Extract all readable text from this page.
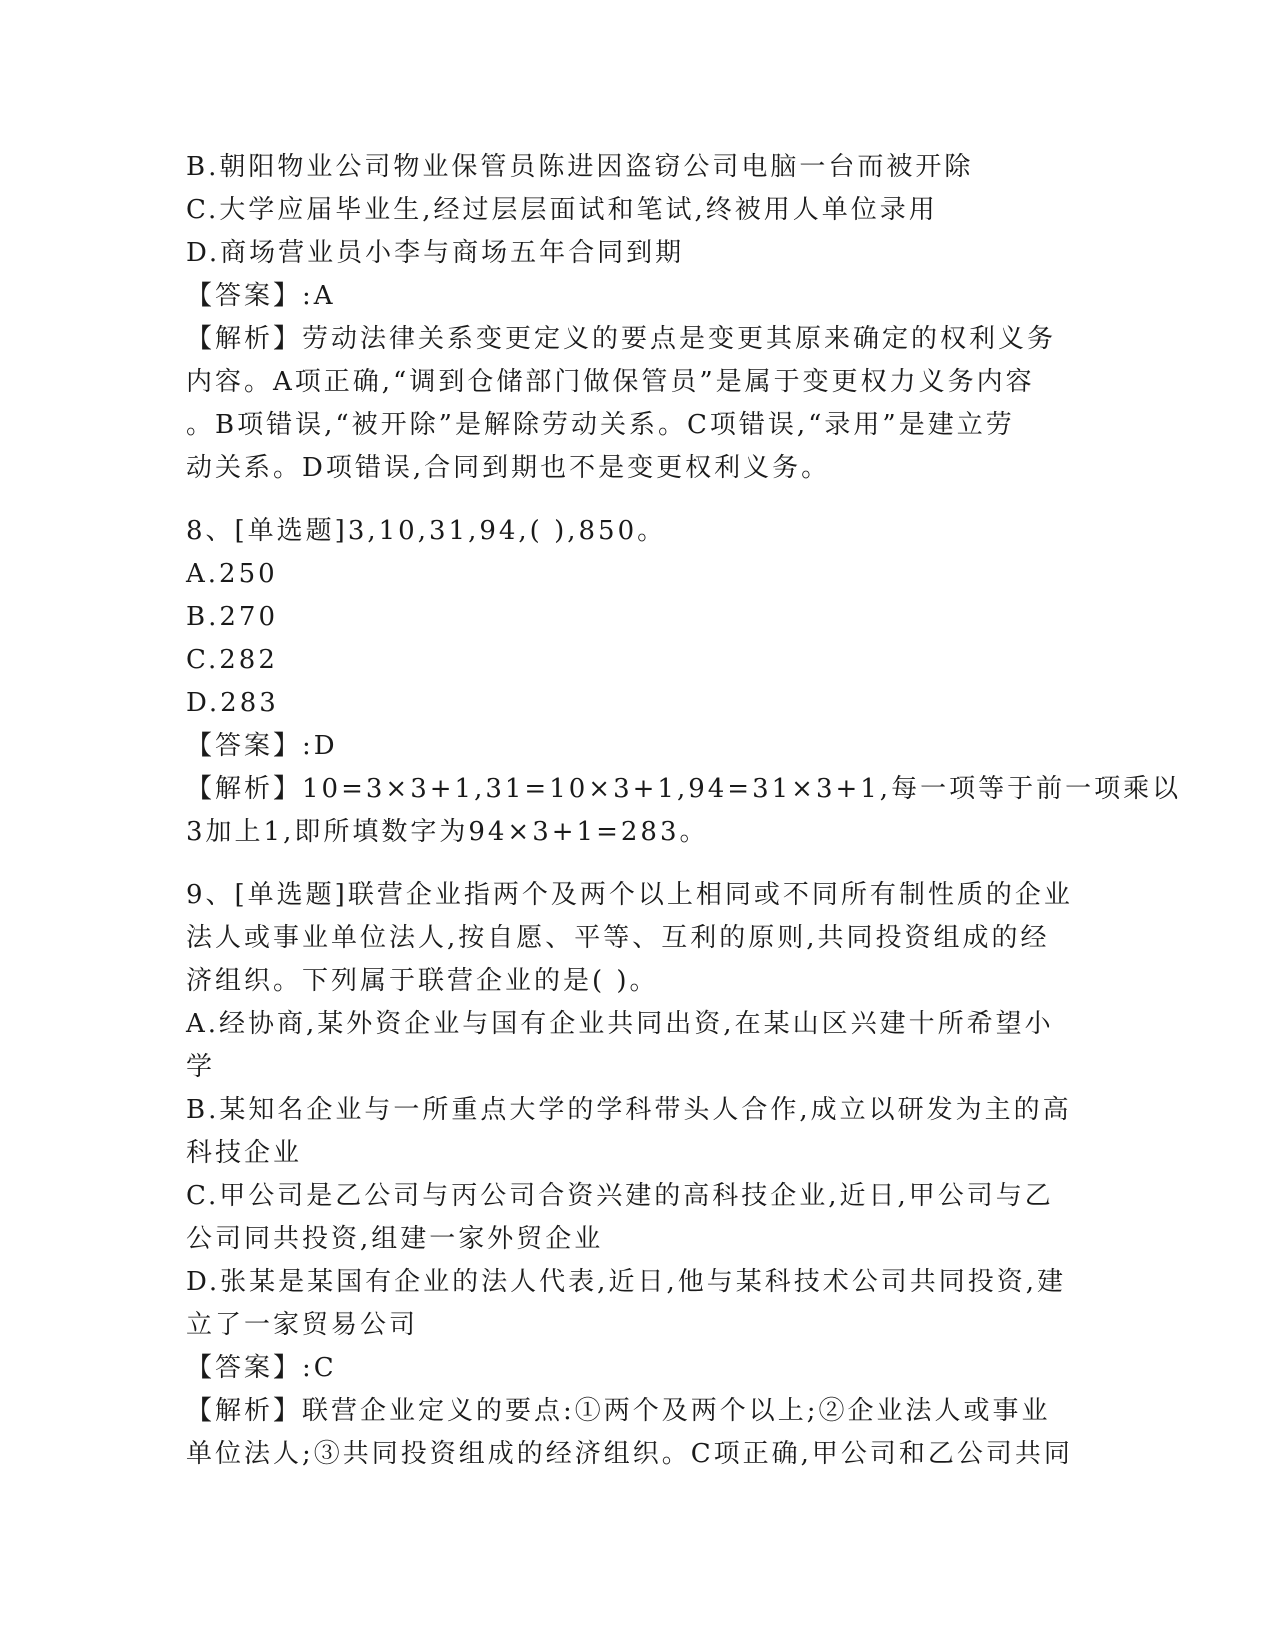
B.朝阳物业公司物业保管员陈进因盗窃公司电脑一台而被开除
C.大学应届毕业生,经过层层面试和笔试,终被用人单位录用
D.商场营业员小李与商场五年合同到期
【答案】:A
【解析】劳动法律关系变更定义的要点是变更其原来确定的权利义务
内容。A项正确,“调到仓储部门做保管员”是属于变更权力义务内容
。B项错误,“被开除”是解除劳动关系。C项错误,“录用”是建立劳
动关系。D项错误,合同到期也不是变更权利义务。
8、[单选题]3,10,31,94,( ),850。
A.250
B.270
C.282
D.283
【答案】:D
【解析】10=3×3+1,31=10×3+1,94=31×3+1,每一项等于前一项乘以
3加上1,即所填数字为94×3+1=283。
9、[单选题]联营企业指两个及两个以上相同或不同所有制性质的企业
法人或事业单位法人,按自愿、平等、互利的原则,共同投资组成的经
济组织。下列属于联营企业的是( )。
A.经协商,某外资企业与国有企业共同出资,在某山区兴建十所希望小
学
B.某知名企业与一所重点大学的学科带头人合作,成立以研发为主的高
科技企业
C.甲公司是乙公司与丙公司合资兴建的高科技企业,近日,甲公司与乙
公司同共投资,组建一家外贸企业
D.张某是某国有企业的法人代表,近日,他与某科技术公司共同投资,建
立了一家贸易公司
【答案】:C
【解析】联营企业定义的要点:①两个及两个以上;②企业法人或事业
单位法人;③共同投资组成的经济组织。C项正确,甲公司和乙公司共同
